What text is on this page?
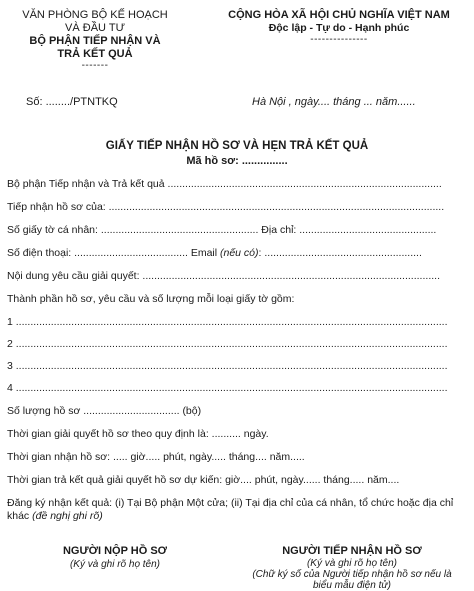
VĂN PHÒNG BỘ KẾ HOẠCH
VÀ ĐẦU TƯ
BỘ PHẬN TIẾP NHẬN VÀ
TRẢ KẾT QUẢ
-------
CỘNG HÒA XÃ HỘI CHỦ NGHĨA VIỆT NAM
Độc lập - Tự do - Hạnh phúc
---------------
Số: ......../PTNTKQ	Hà Nội , ngày.... tháng ... năm......
GIẤY TIẾP NHẬN HỒ SƠ VÀ HẸN TRẢ KẾT QUẢ
Mã hồ sơ: ...............
Bộ phận Tiếp nhận và Trả kết quả ..............................................................................................
Tiếp nhận hồ sơ của: ...................................................................................................................
Số giấy tờ cá nhân: ...................................................... Địa chỉ: ...............................................
Số điện thoại: ....................................... Email (nếu có): ......................................................
Nội dung yêu cầu giải quyết: ......................................................................................................
Thành phần hồ sơ, yêu cầu và số lượng mỗi loại giấy tờ gồm:
1 ....................................................................................................................................................
2 ....................................................................................................................................................
3 ....................................................................................................................................................
4 ....................................................................................................................................................
Số lượng hồ sơ ................................. (bộ)
Thời gian giải quyết hồ sơ theo quy định là: .......... ngày.
Thời gian nhận hồ sơ: ..... giờ..... phút, ngày..... tháng.... năm.....
Thời gian trả kết quả giải quyết hồ sơ dự kiến: giờ.... phút, ngày...... tháng..... năm....
Đăng ký nhận kết quả: (i) Tại Bộ phận Một cửa; (ii) Tại địa chỉ của cá nhân, tổ chức hoặc địa chỉ
khác (đề nghị ghi rõ)
NGƯỜI NỘP HỒ SƠ
(Ký và ghi rõ họ tên)
NGƯỜI TIẾP NHẬN HỒ SƠ
(Ký và ghi rõ họ tên)
(Chữ ký số của Người tiếp nhận hồ sơ nếu là
biểu mẫu điện tử)
